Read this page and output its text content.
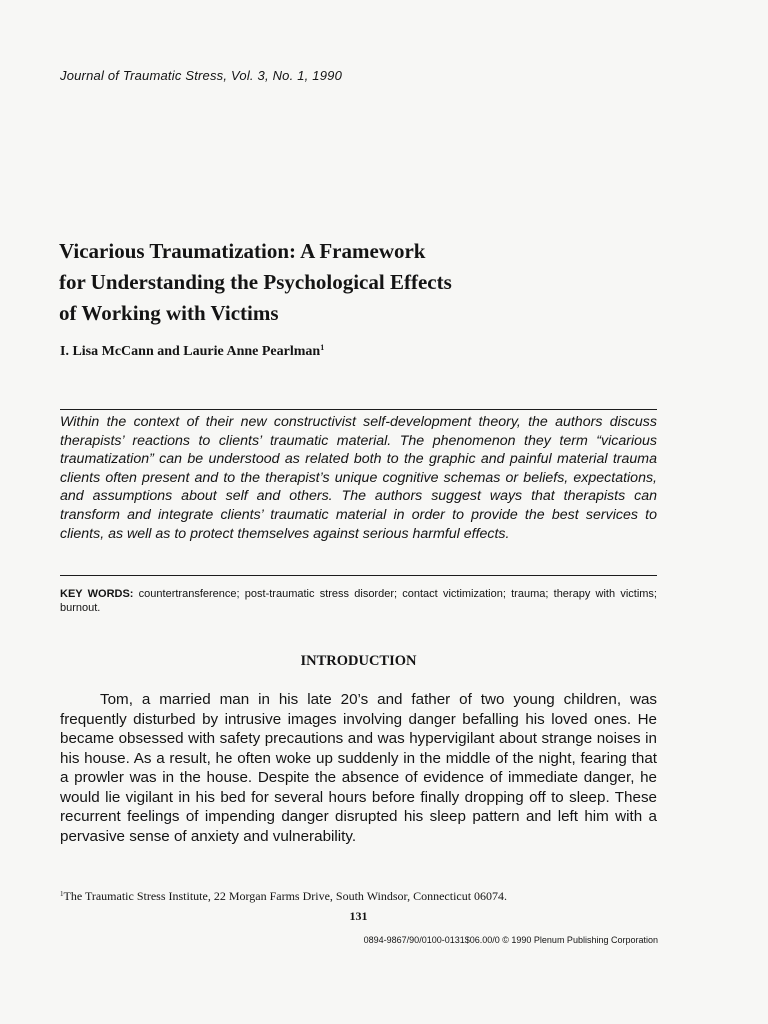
Journal of Traumatic Stress, Vol. 3, No. 1, 1990
Vicarious Traumatization: A Framework
for Understanding the Psychological Effects
of Working with Victims
I. Lisa McCann and Laurie Anne Pearlman$^1$

Within the context of their new constructivist self-development theory, the authors discuss therapists’ reactions to clients’ traumatic material. The phenomenon they term “vicarious traumatization” can be understood as related both to the graphic and painful material trauma clients often present and to the therapist’s unique cognitive schemas or beliefs, expectations, and assumptions about self and others. The authors suggest ways that therapists can transform and integrate clients’ traumatic material in order to provide the best services to clients, as well as to protect themselves against serious harmful effects.

KEY WORDS: countertransference; post-traumatic stress disorder; contact victimization; trauma; therapy with victims; burnout.

INTRODUCTION

Tom, a married man in his late 20’s and father of two young children, was frequently disturbed by intrusive images involving danger befalling his loved ones. He became obsessed with safety precautions and was hypervigilant about strange noises in his house. As a result, he often woke up suddenly in the middle of the night, fearing that a prowler was in the house. Despite the absence of evidence of immediate danger, he would lie vigilant in his bed for several hours before finally dropping off to sleep. These recurrent feelings of impending danger disrupted his sleep pattern and left him with a pervasive sense of anxiety and vulnerability.

$^1$The Traumatic Stress Institute, 22 Morgan Farms Drive, South Windsor, Connecticut 06074.

131
0894-9867/90/0100-0131$06.00/0 © 1990 Plenum Publishing Corporation
